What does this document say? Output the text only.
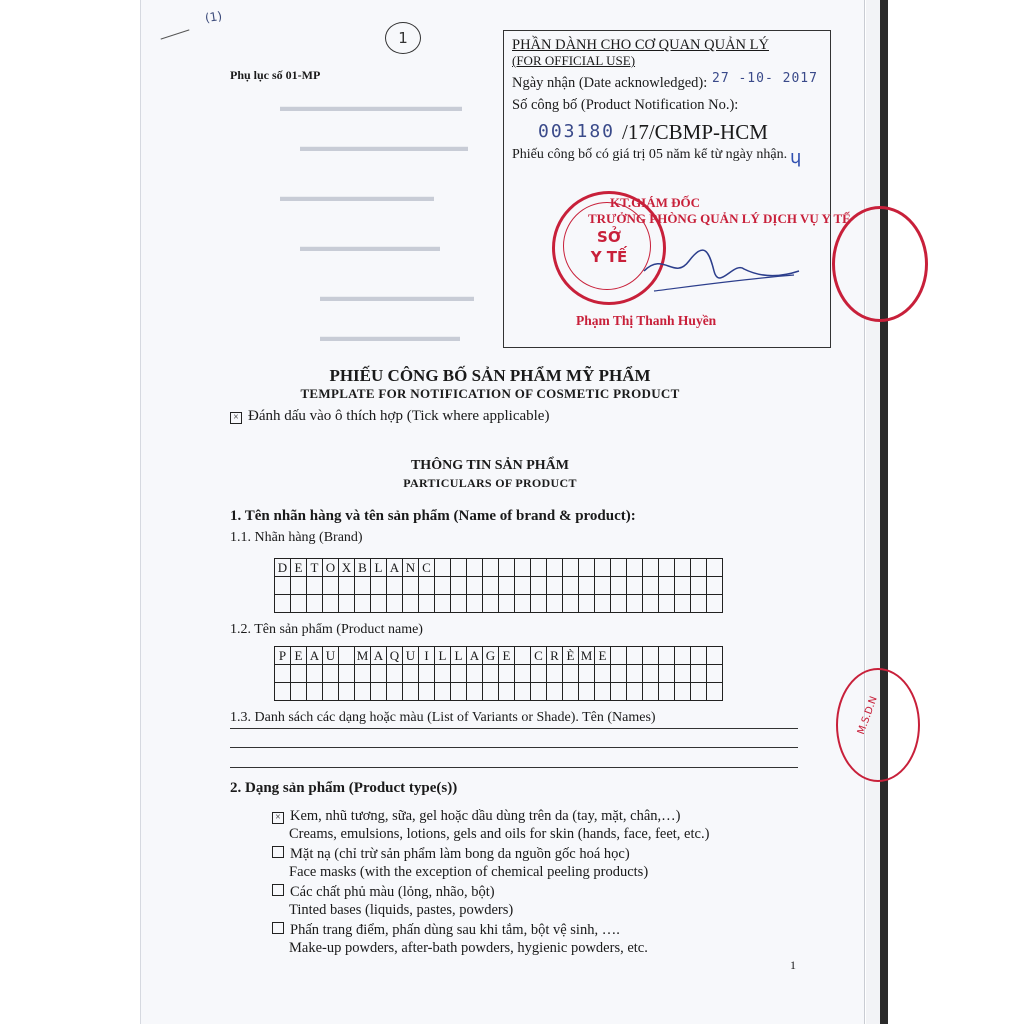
▬▬▬▬▬▬▬▬▬▬▬▬▬
▬▬▬▬▬▬▬▬▬▬▬▬
▬▬▬▬▬▬▬▬▬▬▬
▬▬▬▬▬▬▬▬▬▬
▬▬▬▬▬▬▬▬▬▬▬
▬▬▬▬▬▬▬▬▬▬
(1)
1
Phụ lục số 01-MP
PHẦN DÀNH CHO CƠ QUAN QUẢN LÝ
(FOR OFFICIAL USE)
Ngày nhận (Date acknowledged): 27 -10- 2017
Số công bố (Product Notification No.):
003180 /17/CBMP-HCM
Phiếu công bố có giá trị 05 năm kể từ ngày nhận. ɥ
KT.GIÁM ĐỐC
TRƯỞNG PHÒNG QUẢN LÝ DỊCH VỤ Y TẾ
SỞ
Y TẾ
Phạm Thị Thanh Huyền
M.S.D.N
PHIẾU CÔNG BỐ SẢN PHẨM MỸ PHẨM
TEMPLATE FOR NOTIFICATION OF COSMETIC PRODUCT
× Đánh dấu vào ô thích hợp (Tick where applicable)
THÔNG TIN SẢN PHẨM
PARTICULARS OF PRODUCT
1. Tên nhãn hàng và tên sản phẩm (Name of brand & product):
1.1. Nhãn hàng (Brand)
D	E	T	O	X	B	L	A	N	C																		

1.2. Tên sản phẩm (Product name)
P	E	A	U		M	A	Q	U	I	L	L	A	G	E		C	R	È	M	E							

1.3. Danh sách các dạng hoặc màu (List of Variants or Shade). Tên (Names)
2. Dạng sản phẩm (Product type(s))
× Kem, nhũ tương, sữa, gel hoặc dầu dùng trên da (tay, mặt, chân,…)
Creams, emulsions, lotions, gels and oils for skin (hands, face, feet, etc.)
Mặt nạ (chỉ trừ sản phẩm làm bong da nguồn gốc hoá học)
Face masks (with the exception of chemical peeling products)
Các chất phủ màu (lỏng, nhão, bột)
Tinted bases (liquids, pastes, powders)
Phấn trang điểm, phấn dùng sau khi tắm, bột vệ sinh, ….
Make-up powders, after-bath powders, hygienic powders, etc.
1
